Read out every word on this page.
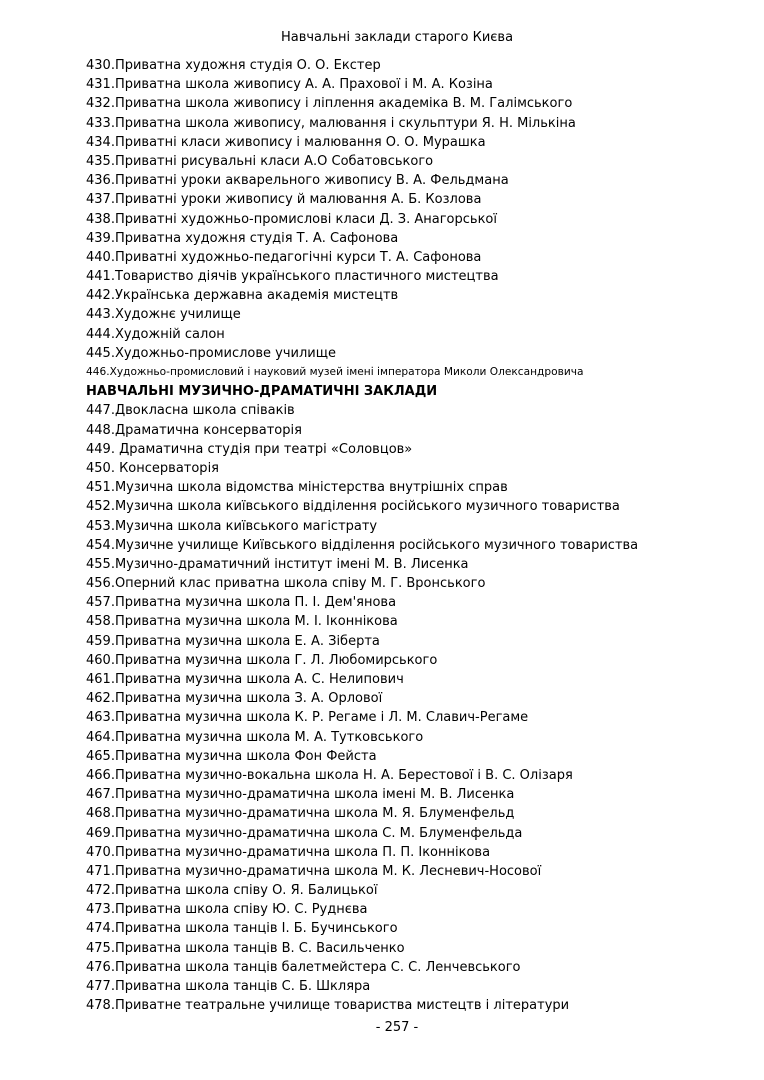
Навчальні заклади старого Києва
430.Приватна художня студія О. О. Екстер
431.Приватна школа живопису А. А. Прахової і М. А. Козіна
432.Приватна школа живопису і ліплення академіка В. М. Галімського
433.Приватна школа живопису, малювання і скульптури Я. Н. Мількіна
434.Приватні класи живопису і малювання О. О. Мурашка
435.Приватні рисувальні класи А.О Собатовського
436.Приватні уроки акварельного живопису В. А. Фельдмана
437.Приватні уроки живопису й малювання А. Б. Козлова
438.Приватні художньо-промислові класи Д. З. Анагорської
439.Приватна художня студія Т. А. Сафонова
440.Приватні художньо-педагогічні курси Т. А. Сафонова
441.Товариство діячів українського пластичного мистецтва
442.Українська державна академія мистецтв
443.Художнє училище
444.Художній салон
445.Художньо-промислове училище
446.Художньо-промисловий і науковий музей імені імператора Миколи Олександровича
НАВЧАЛЬНІ МУЗИЧНО-ДРАМАТИЧНІ ЗАКЛАДИ
447.Двокласна школа співаків
448.Драматична консерваторія
449. Драматична студія при театрі «Соловцов»
450. Консерваторія
451.Музична школа відомства міністерства внутрішніх справ
452.Музична школа київського відділення російського музичного товариства
453.Музична школа київського магістрату
454.Музичне училище Київського відділення російського музичного товариства
455.Музично-драматичний інститут імені М. В. Лисенка
456.Оперний клас приватна школа співу М. Г. Вронського
457.Приватна музична школа П. І. Дем'янова
458.Приватна музична школа М. І. Іконнікова
459.Приватна музична школа Е. А. Зіберта
460.Приватна музична школа Г. Л. Любомирського
461.Приватна музична школа А. С. Нелипович
462.Приватна музична школа З. А. Орлової
463.Приватна музична школа К. Р. Регаме і Л. М. Славич-Регаме
464.Приватна музична школа М. А. Тутковського
465.Приватна музична школа Фон Фейста
466.Приватна музично-вокальна школа Н. А. Берестової і В. С. Олізаря
467.Приватна музично-драматична школа імені М. В. Лисенка
468.Приватна музично-драматична школа М. Я. Блуменфельд
469.Приватна музично-драматична школа С. М. Блуменфельда
470.Приватна музично-драматична школа П. П. Іконнікова
471.Приватна музично-драматична школа М. К. Лесневич-Носової
472.Приватна школа співу О. Я. Балицької
473.Приватна школа співу Ю. С. Руднєва
474.Приватна школа танців І. Б. Бучинського
475.Приватна школа танців В. С. Васильченко
476.Приватна школа танців балетмейстера С. С. Ленчевського
477.Приватна школа танців С. Б. Шкляра
478.Приватне театральне училище товариства мистецтв і літератури
- 257 -
